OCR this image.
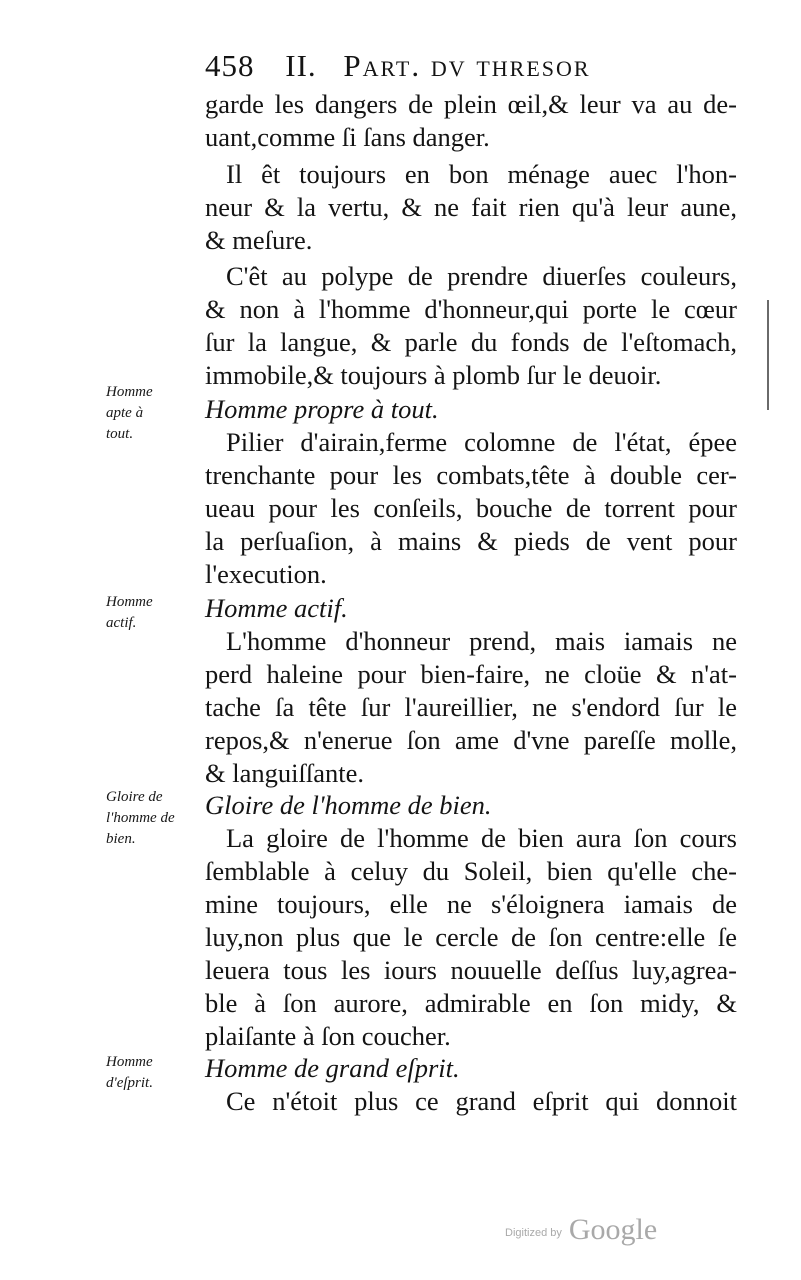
458 II. Part. dv thresor
garde les dangers de plein œil,& leur va au de-
uant,comme ſi ſans danger.
Il êt toujours en bon ménage auec l'hon-
neur & la vertu, & ne fait rien qu'à leur aune,
& meſure.
C'êt au polype de prendre diuerſes couleurs,
& non à l'homme d'honneur,qui porte le cœur
ſur la langue, & parle du fonds de l'eſtomach,
immobile,& toujours à plomb ſur le deuoir.
Homme propre à tout.
Pilier d'airain,ferme colomne de l'état, épee
trenchante pour les combats,tête à double cer-
ueau pour les conſeils, bouche de torrent pour
la perſuaſion, à mains & pieds de vent pour
l'execution.
Homme actif.
L'homme d'honneur prend, mais iamais ne
perd haleine pour bien-faire, ne cloüe & n'at-
tache ſa tête ſur l'aureillier, ne s'endord ſur le
repos,& n'enerue ſon ame d'vne pareſſe molle,
& languiſſante.
Gloire de l'homme de bien.
La gloire de l'homme de bien aura ſon cours
ſemblable à celuy du Soleil, bien qu'elle che-
mine toujours, elle ne s'éloignera iamais de
luy,non plus que le cercle de ſon centre:elle ſe
leuera tous les iours nouuelle deſſus luy,agrea-
ble à ſon aurore, admirable en ſon midy, &
plaiſante à ſon coucher.
Homme de grand eſprit.
Ce n'étoit plus ce grand eſprit qui donnoit
Homme
apte à
tout.
Homme
actif.
Gloire de
l'homme de
bien.
Homme
d'eſprit.
Digitized by Google
